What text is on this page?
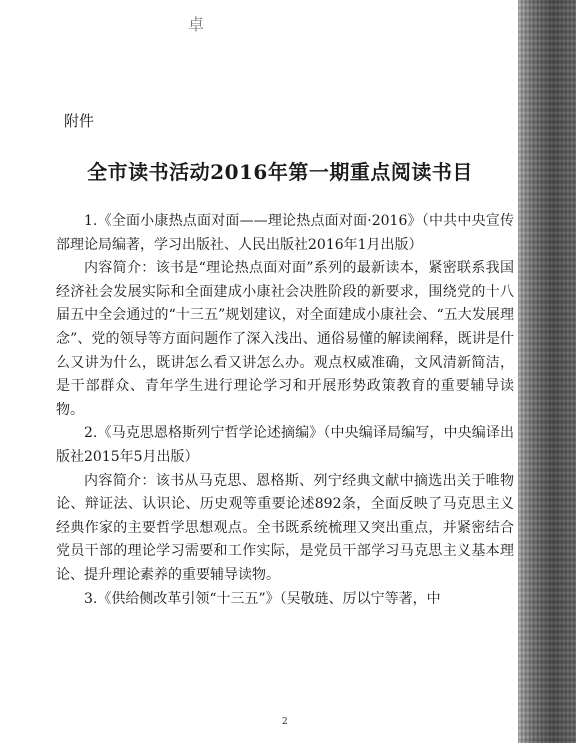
卓
附件
全市读书活动2016年第一期重点阅读书目

1.《全面小康热点面对面——理论热点面对面·2016》（中共中央宣传部理论局编著，学习出版社、人民出版社2016年1月出版）

内容简介：该书是“理论热点面对面”系列的最新读本，紧密联系我国经济社会发展实际和全面建成小康社会决胜阶段的新要求，围绕党的十八届五中全会通过的“十三五”规划建议，对全面建成小康社会、“五大发展理念”、党的领导等方面问题作了深入浅出、通俗易懂的解读阐释，既讲是什么又讲为什么，既讲怎么看又讲怎么办。观点权威准确，文风清新简洁，是干部群众、青年学生进行理论学习和开展形势政策教育的重要辅导读物。

2.《马克思恩格斯列宁哲学论述摘编》（中央编译局编写，中央编译出版社2015年5月出版）

内容简介：该书从马克思、恩格斯、列宁经典文献中摘选出关于唯物论、辩证法、认识论、历史观等重要论述892条，全面反映了马克思主义经典作家的主要哲学思想观点。全书既系统梳理又突出重点，并紧密结合党员干部的理论学习需要和工作实际，是党员干部学习马克思主义基本理论、提升理论素养的重要辅导读物。

3.《供给侧改革引领“十三五”》（吴敬琏、厉以宁等著，中

2
